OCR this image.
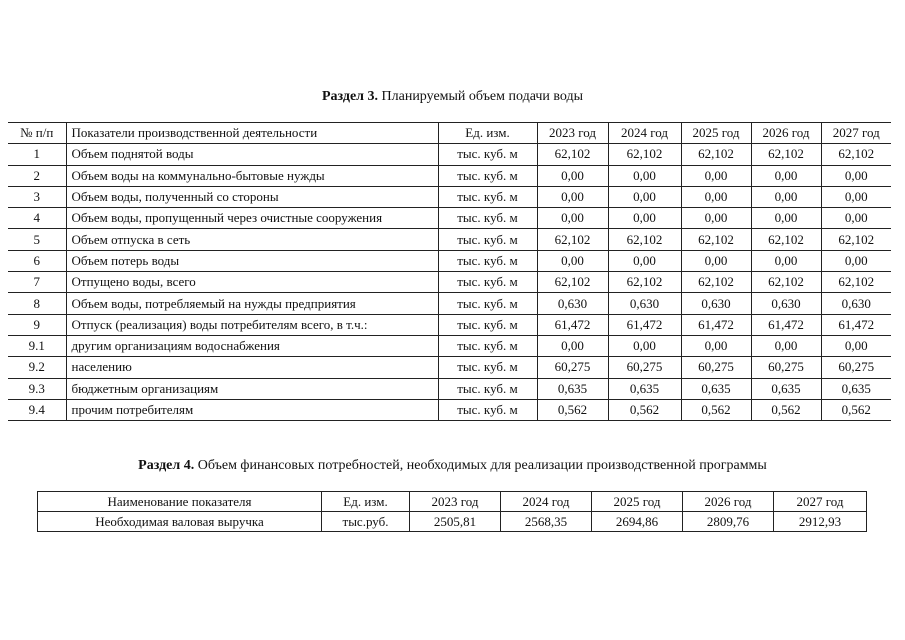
Раздел 3. Планируемый объем подачи воды
№ п/п	Показатели производственной деятельности	Ед. изм.	2023 год	2024 год	2025 год	2026 год	2027 год
1	Объем поднятой воды	тыс. куб. м	62,102	62,102	62,102	62,102	62,102
2	Объем воды на коммунально-бытовые нужды	тыс. куб. м	0,00	0,00	0,00	0,00	0,00
3	Объем воды, полученный со стороны	тыс. куб. м	0,00	0,00	0,00	0,00	0,00
4	Объем воды, пропущенный через очистные сооружения	тыс. куб. м	0,00	0,00	0,00	0,00	0,00
5	Объем отпуска в сеть	тыс. куб. м	62,102	62,102	62,102	62,102	62,102
6	Объем потерь воды	тыс. куб. м	0,00	0,00	0,00	0,00	0,00
7	Отпущено воды, всего	тыс. куб. м	62,102	62,102	62,102	62,102	62,102
8	Объем воды, потребляемый на нужды предприятия	тыс. куб. м	0,630	0,630	0,630	0,630	0,630
9	Отпуск (реализация) воды потребителям всего, в т.ч.:	тыс. куб. м	61,472	61,472	61,472	61,472	61,472
9.1	другим организациям водоснабжения	тыс. куб. м	0,00	0,00	0,00	0,00	0,00
9.2	населению	тыс. куб. м	60,275	60,275	60,275	60,275	60,275
9.3	бюджетным организациям	тыс. куб. м	0,635	0,635	0,635	0,635	0,635
9.4	прочим потребителям	тыс. куб. м	0,562	0,562	0,562	0,562	0,562
Раздел 4. Объем финансовых потребностей, необходимых для реализации производственной программы
Наименование показателя	Ед. изм.	2023 год	2024 год	2025 год	2026 год	2027 год
Необходимая валовая выручка	тыс.руб.	2505,81	2568,35	2694,86	2809,76	2912,93
